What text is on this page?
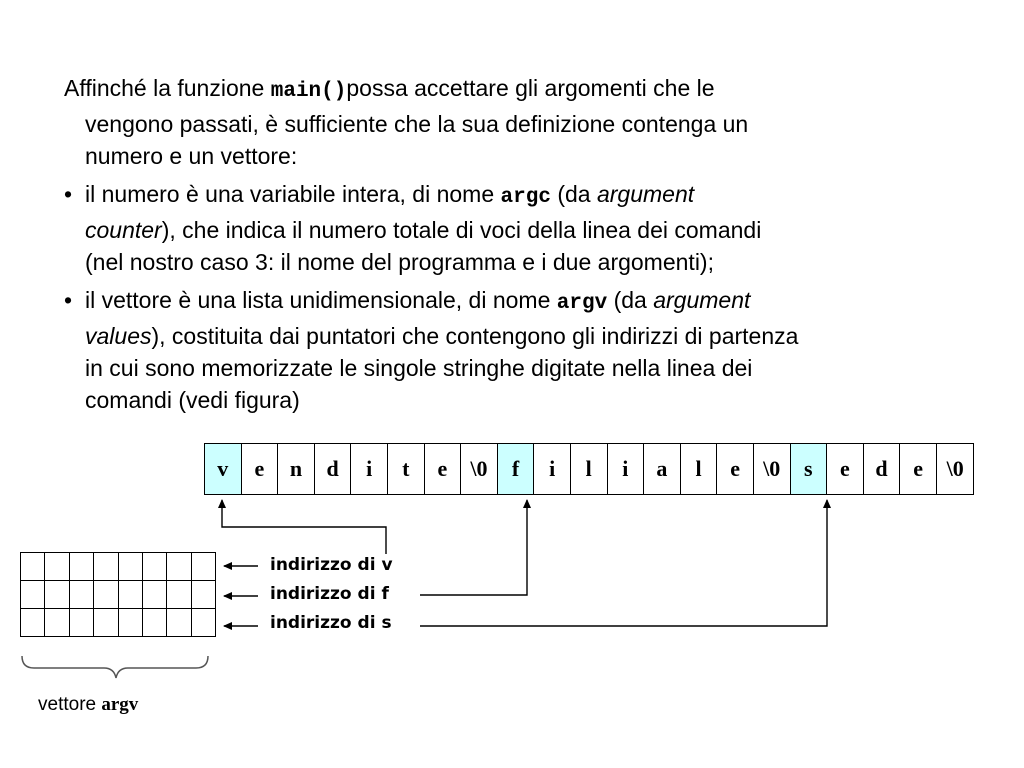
Affinché la funzione main()possa accettare gli argomenti che le
vengono passati, è sufficiente che la sua definizione contenga un
numero e un vettore:
• il numero è una variabile intera, di nome argc (da argument
counter), che indica il numero totale di voci della linea dei comandi
(nel nostro caso 3: il nome del programma e i due argomenti);
• il vettore è una lista unidimensionale, di nome argv (da argument
values), costituita dai puntatori che contengono gli indirizzi di partenza
in cui sono memorizzate le singole stringhe digitate nella linea dei
comandi (vedi figura)
v	e	n	d	i	t	e	\0	f	i	l	i	a	l	e	\0	s	e	d	e	\0

indirizzo di v
indirizzo di f
indirizzo di s
vettore argv
